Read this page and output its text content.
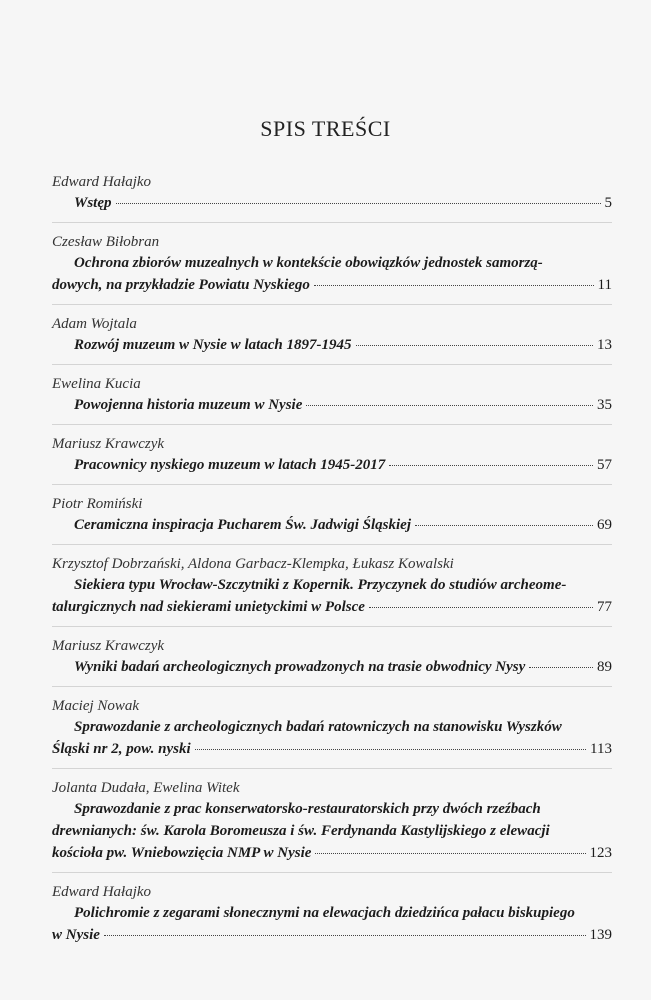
SPIS TREŚCI
Edward Hałajko
Wstęp	5
Czesław Biłobran
Ochrona zbiorów muzealnych w kontekście obowiązków jednostek samorzą-
dowych, na przykładzie Powiatu Nyskiego	11
Adam Wojtala
Rozwój muzeum w Nysie w latach 1897-1945	13
Ewelina Kucia
Powojenna historia muzeum w Nysie	35
Mariusz Krawczyk
Pracownicy nyskiego muzeum w latach 1945-2017	57
Piotr Romiński
Ceramiczna inspiracja Pucharem Św. Jadwigi Śląskiej	69
Krzysztof Dobrzański, Aldona Garbacz-Klempka, Łukasz Kowalski
Siekiera typu Wrocław-Szczytniki z Kopernik. Przyczynek do studiów archeome-
talurgicznych nad siekierami unietyckimi w Polsce	77
Mariusz Krawczyk
Wyniki badań archeologicznych prowadzonych na trasie obwodnicy Nysy	89
Maciej Nowak
Sprawozdanie z archeologicznych badań ratowniczych na stanowisku Wyszków
Śląski nr 2, pow. nyski	113
Jolanta Dudała, Ewelina Witek
Sprawozdanie z prac konserwatorsko-restauratorskich przy dwóch rzeźbach
drewnianych: św. Karola Boromeusza i św. Ferdynanda Kastylijskiego z elewacji
kościoła pw. Wniebowzięcia NMP w Nysie	123
Edward Hałajko
Polichromie z zegarami słonecznymi na elewacjach dziedzińca pałacu biskupiego
w Nysie	139
